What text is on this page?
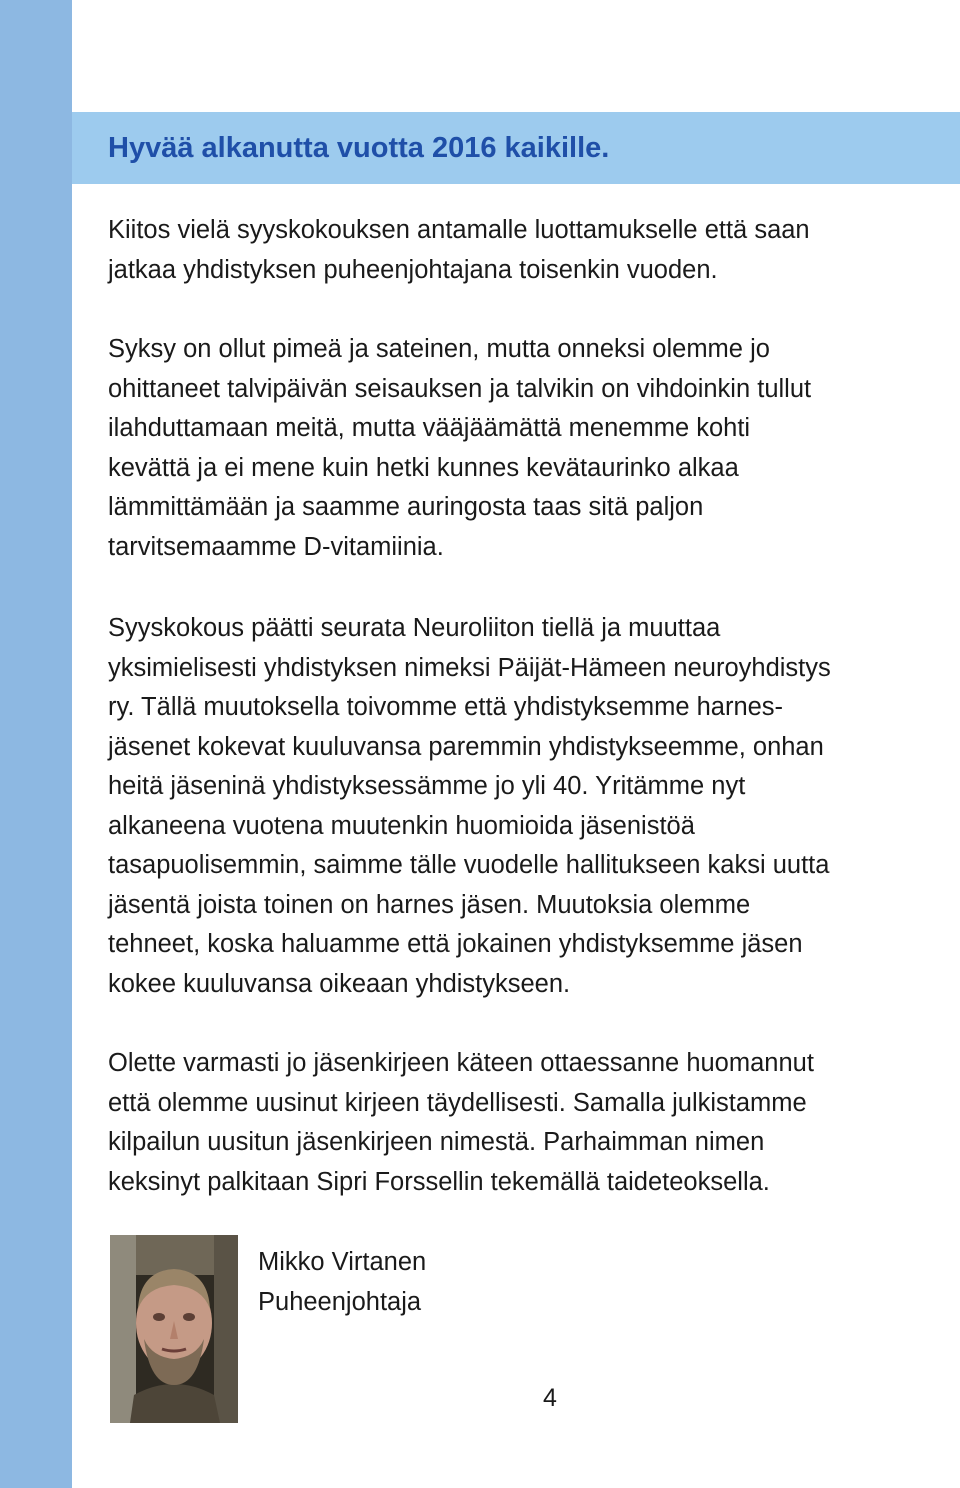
Hyvää alkanutta vuotta 2016 kaikille.

Kiitos vielä syyskokouksen antamalle luottamukselle että saan
jatkaa yhdistyksen puheenjohtajana toisenkin vuoden.

Syksy on ollut pimeä ja sateinen, mutta onneksi olemme jo
ohittaneet talvipäivän seisauksen ja talvikin on vihdoinkin tullut
ilahduttamaan meitä, mutta vääjäämättä menemme kohti
kevättä ja ei mene kuin hetki kunnes kevätaurinko alkaa
lämmittämään ja saamme auringosta taas sitä paljon
tarvitsemaamme D-vitamiinia.

Syyskokous päätti seurata Neuroliiton tiellä ja muuttaa
yksimielisesti yhdistyksen nimeksi Päijät-Hämeen neuroyhdistys
ry. Tällä muutoksella toivomme että yhdistyksemme harnes-
jäsenet kokevat kuuluvansa paremmin yhdistykseemme, onhan
heitä jäseninä yhdistyksessämme jo yli 40. Yritämme nyt
alkaneena vuotena muutenkin huomioida jäsenistöä
tasapuolisemmin, saimme tälle vuodelle hallitukseen kaksi uutta
jäsentä joista toinen on harnes jäsen. Muutoksia olemme
tehneet, koska haluamme että jokainen yhdistyksemme jäsen
kokee kuuluvansa oikeaan yhdistykseen.

Olette varmasti jo jäsenkirjeen käteen ottaessanne huomannut
että olemme uusinut kirjeen täydellisesti. Samalla julkistamme
kilpailun uusitun jäsenkirjeen nimestä. Parhaimman nimen
keksinyt palkitaan Sipri Forssellin tekemällä taideteoksella.

Mikko Virtanen
Puheenjohtaja

4
